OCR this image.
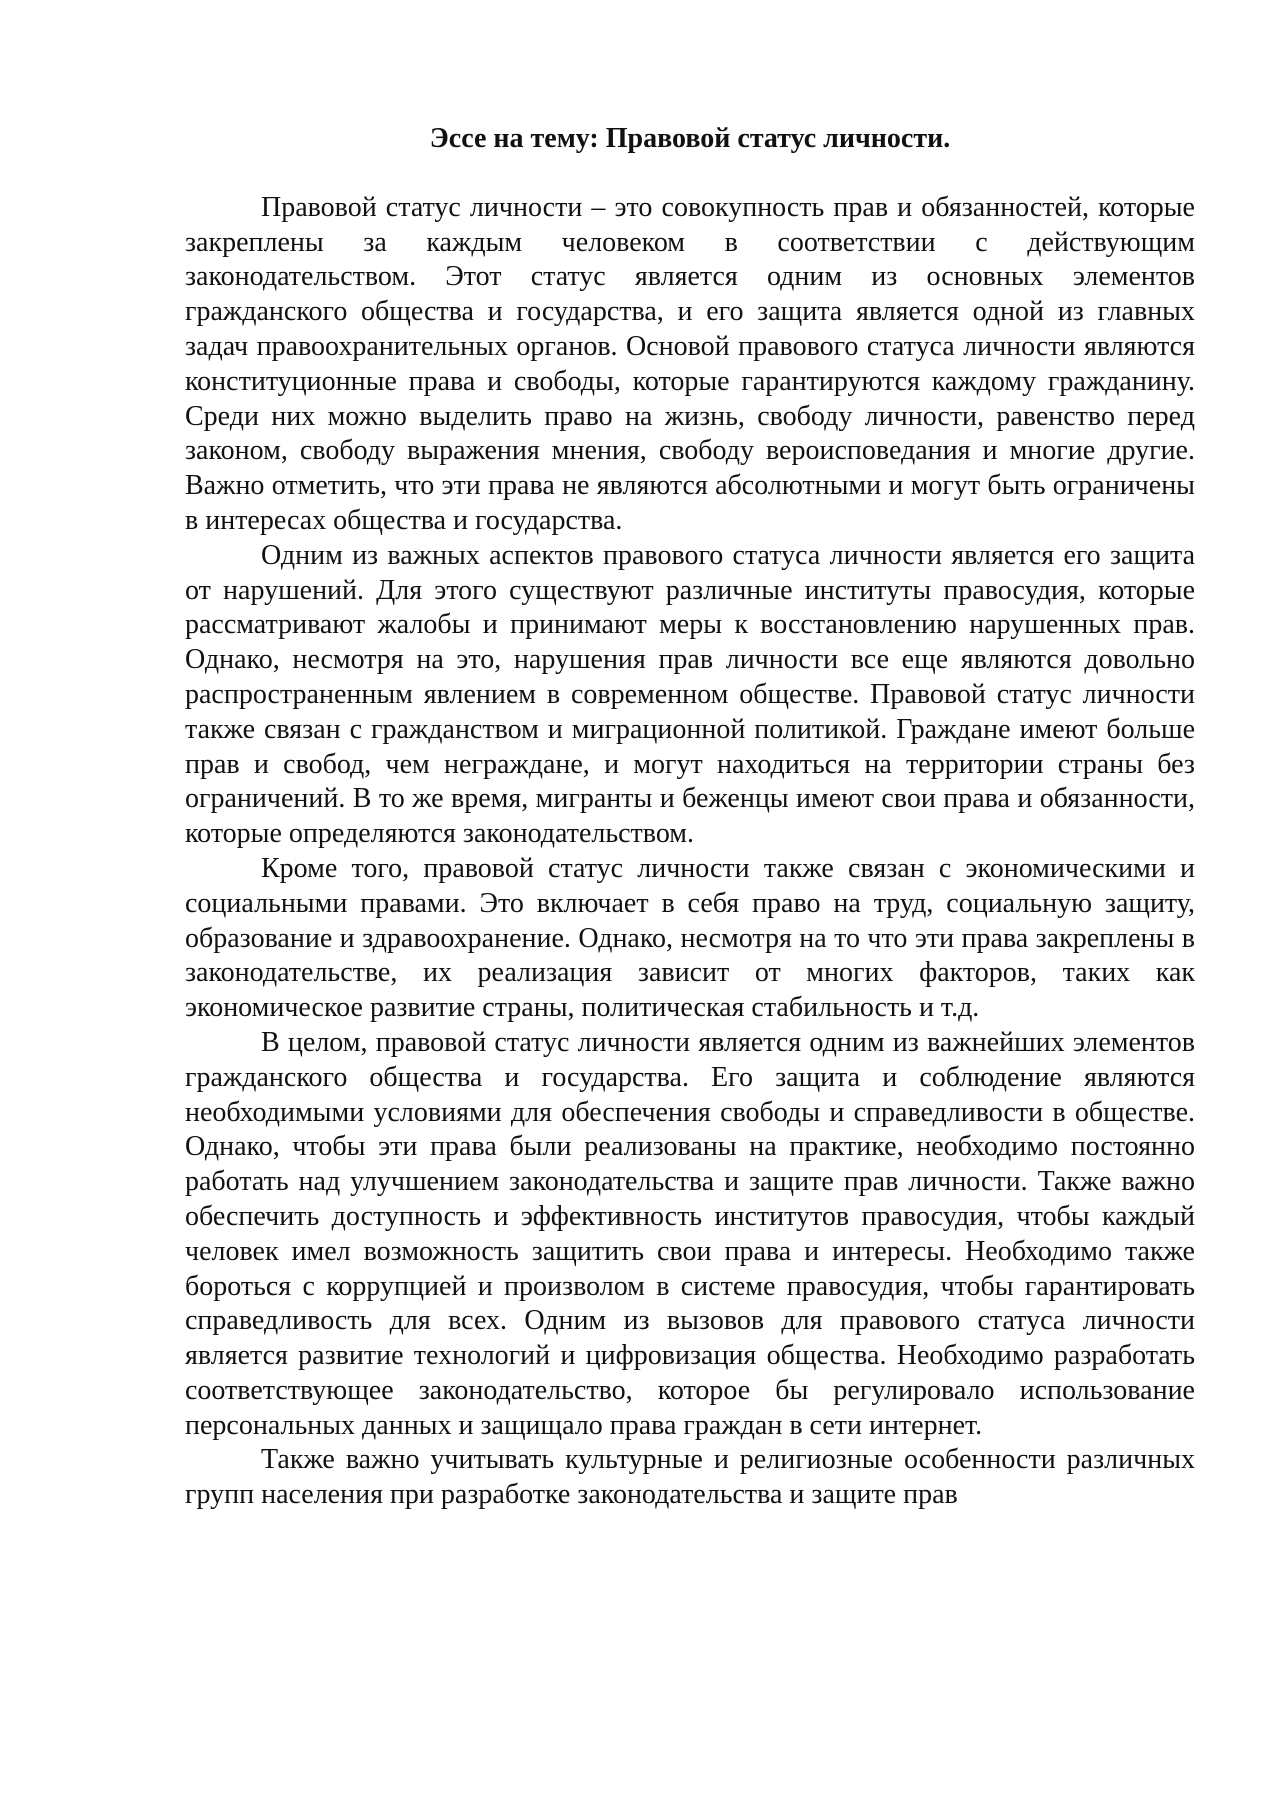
Эссе на тему: Правовой статус личности.

Правовой статус личности – это совокупность прав и обязанностей, которые закреплены за каждым человеком в соответствии с действующим законодательством. Этот статус является одним из основных элементов гражданского общества и государства, и его защита является одной из главных задач правоохранительных органов. Основой правового статуса личности являются конституционные права и свободы, которые гарантируются каждому гражданину. Среди них можно выделить право на жизнь, свободу личности, равенство перед законом, свободу выражения мнения, свободу вероисповедания и многие другие. Важно отметить, что эти права не являются абсолютными и могут быть ограничены в интересах общества и государства.

Одним из важных аспектов правового статуса личности является его защита от нарушений. Для этого существуют различные институты правосудия, которые рассматривают жалобы и принимают меры к восстановлению нарушенных прав. Однако, несмотря на это, нарушения прав личности все еще являются довольно распространенным явлением в современном обществе. Правовой статус личности также связан с гражданством и миграционной политикой. Граждане имеют больше прав и свобод, чем неграждане, и могут находиться на территории страны без ограничений. В то же время, мигранты и беженцы имеют свои права и обязанности, которые определяются законодательством.

Кроме того, правовой статус личности также связан с экономическими и социальными правами. Это включает в себя право на труд, социальную защиту, образование и здравоохранение. Однако, несмотря на то что эти права закреплены в законодательстве, их реализация зависит от многих факторов, таких как экономическое развитие страны, политическая стабильность и т.д.

В целом, правовой статус личности является одним из важнейших элементов гражданского общества и государства. Его защита и соблюдение являются необходимыми условиями для обеспечения свободы и справедливости в обществе. Однако, чтобы эти права были реализованы на практике, необходимо постоянно работать над улучшением законодательства и защите прав личности. Также важно обеспечить доступность и эффективность институтов правосудия, чтобы каждый человек имел возможность защитить свои права и интересы. Необходимо также бороться с коррупцией и произволом в системе правосудия, чтобы гарантировать справедливость для всех. Одним из вызовов для правового статуса личности является развитие технологий и цифровизация общества. Необходимо разработать соответствующее законодательство, которое бы регулировало использование персональных данных и защищало права граждан в сети интернет.

Также важно учитывать культурные и религиозные особенности различных групп населения при разработке законодательства и защите прав
